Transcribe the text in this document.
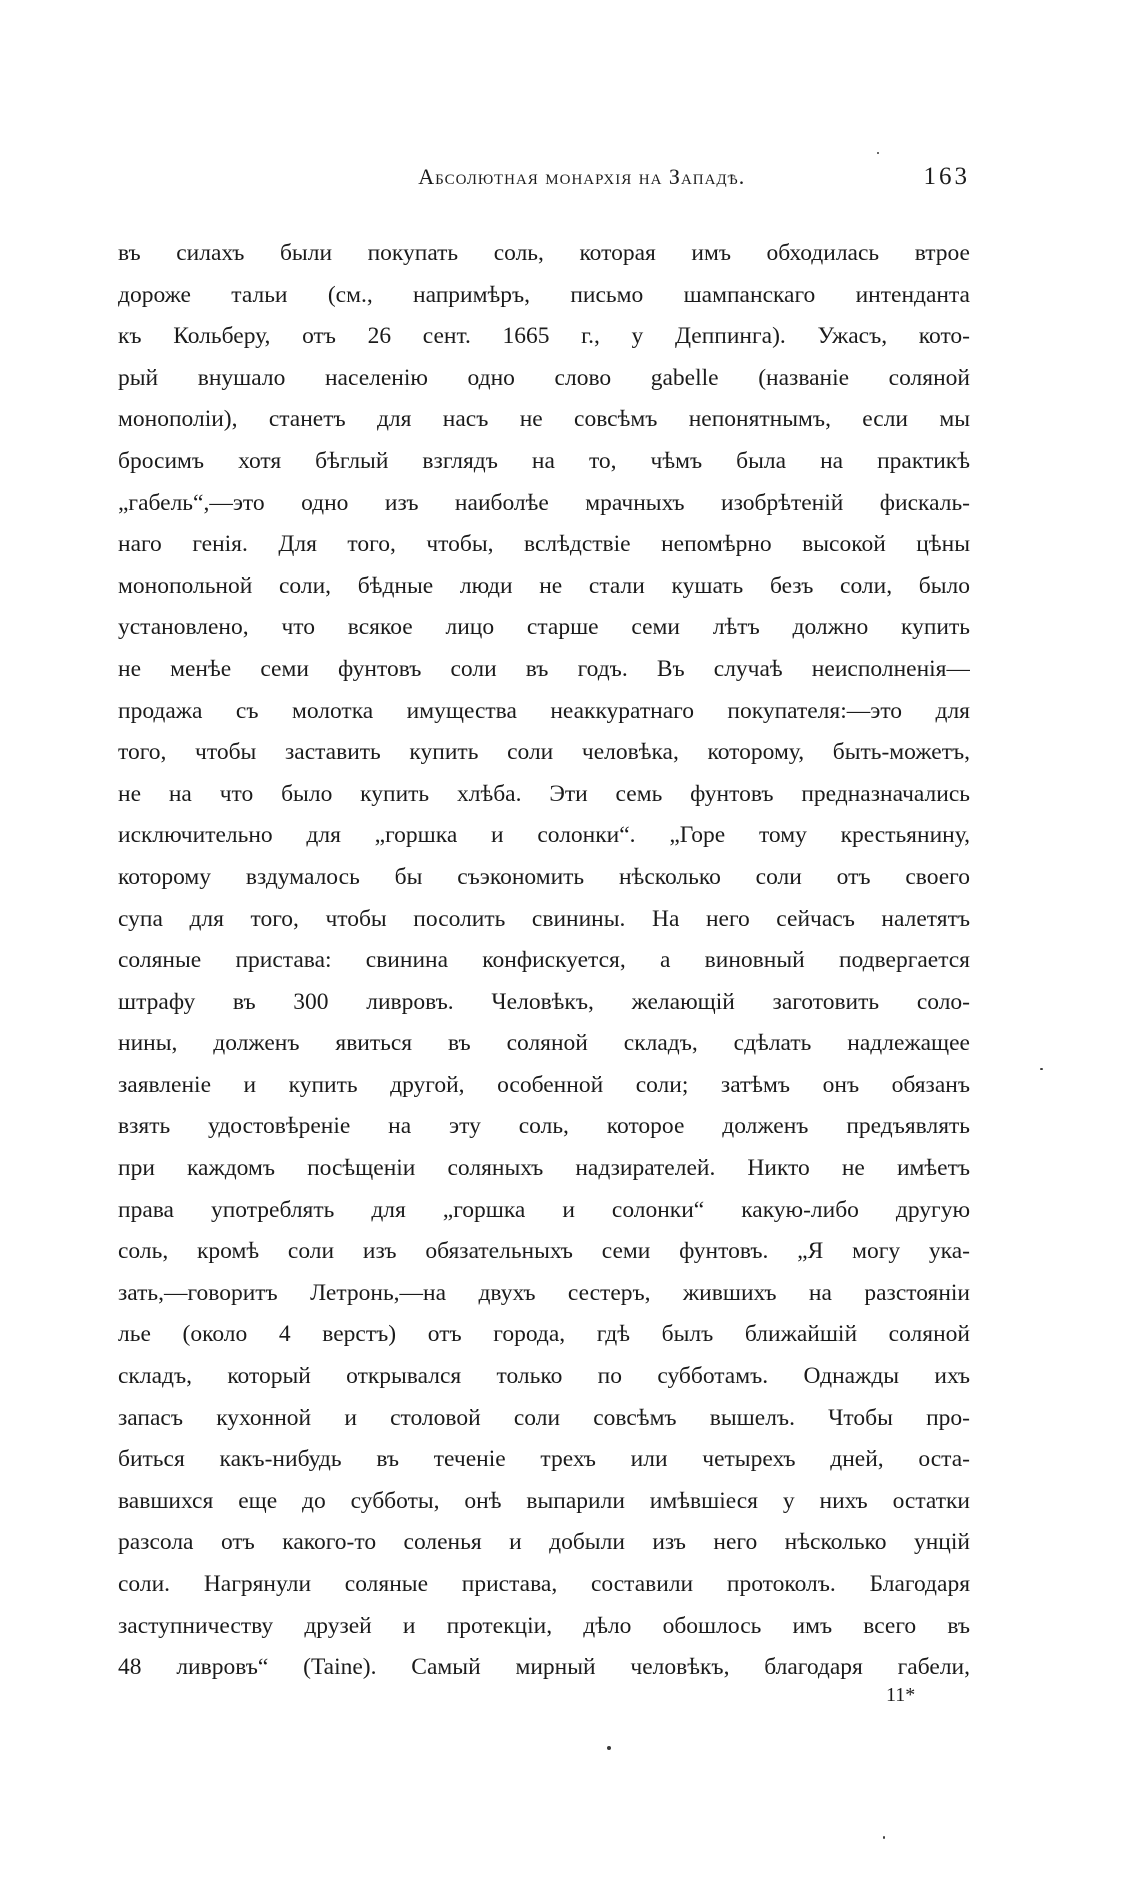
Абсолютная монархія на Западѣ.	163
въ силахъ были покупать соль, которая имъ обходилась втрое
дороже тальи (см., напримѣръ, письмо шампанскаго интенданта
къ Кольберу, отъ 26 сент. 1665 г., у Деппинга). Ужасъ, кото-
рый внушало населенію одно слово gabelle (названіе соляной
монополіи), станетъ для насъ не совсѣмъ непонятнымъ, если мы
бросимъ хотя бѣглый взглядъ на то, чѣмъ была на практикѣ
„габель“,—это одно изъ наиболѣе мрачныхъ изобрѣтеній фискаль-
наго генія. Для того, чтобы, вслѣдствіе непомѣрно высокой цѣны
монопольной соли, бѣдные люди не стали кушать безъ соли, было
установлено, что всякое лицо старше семи лѣтъ должно купить
не менѣе семи фунтовъ соли въ годъ. Въ случаѣ неисполненія—
продажа съ молотка имущества неаккуратнаго покупателя:—это для
того, чтобы заставить купить соли человѣка, которому, быть-можетъ,
не на что было купить хлѣба. Эти семь фунтовъ предназначались
исключительно для „горшка и солонки“. „Горе тому крестьянину,
которому вздумалось бы съэкономить нѣсколько соли отъ своего
супа для того, чтобы посолить свинины. На него сейчасъ налетятъ
соляные пристава: свинина конфискуется, а виновный подвергается
штрафу въ 300 ливровъ. Человѣкъ, желающій заготовить соло-
нины, долженъ явиться въ соляной складъ, сдѣлать надлежащее
заявленіе и купить другой, особенной соли; затѣмъ онъ обязанъ
взять удостовѣреніе на эту соль, которое долженъ предъявлять
при каждомъ посѣщеніи соляныхъ надзирателей. Никто не имѣетъ
права употреблять для „горшка и солонки“ какую-либо другую
соль, кромѣ соли изъ обязательныхъ семи фунтовъ. „Я могу ука-
зать,—говоритъ Летронь,—на двухъ сестеръ, жившихъ на разстояніи
лье (около 4 верстъ) отъ города, гдѣ былъ ближайшій соляной
складъ, который открывался только по субботамъ. Однажды ихъ
запасъ кухонной и столовой соли совсѣмъ вышелъ. Чтобы про-
биться какъ-нибудь въ теченіе трехъ или четырехъ дней, оста-
вавшихся еще до субботы, онѣ выпарили имѣвшіеся у нихъ остатки
разсола отъ какого-то соленья и добыли изъ него нѣсколько унцій
соли. Нагрянули соляные пристава, составили протоколъ. Благодаря
заступничеству друзей и протекціи, дѣло обошлось имъ всего въ
48 ливровъ“ (Taine). Самый мирный человѣкъ, благодаря габели,
11*
